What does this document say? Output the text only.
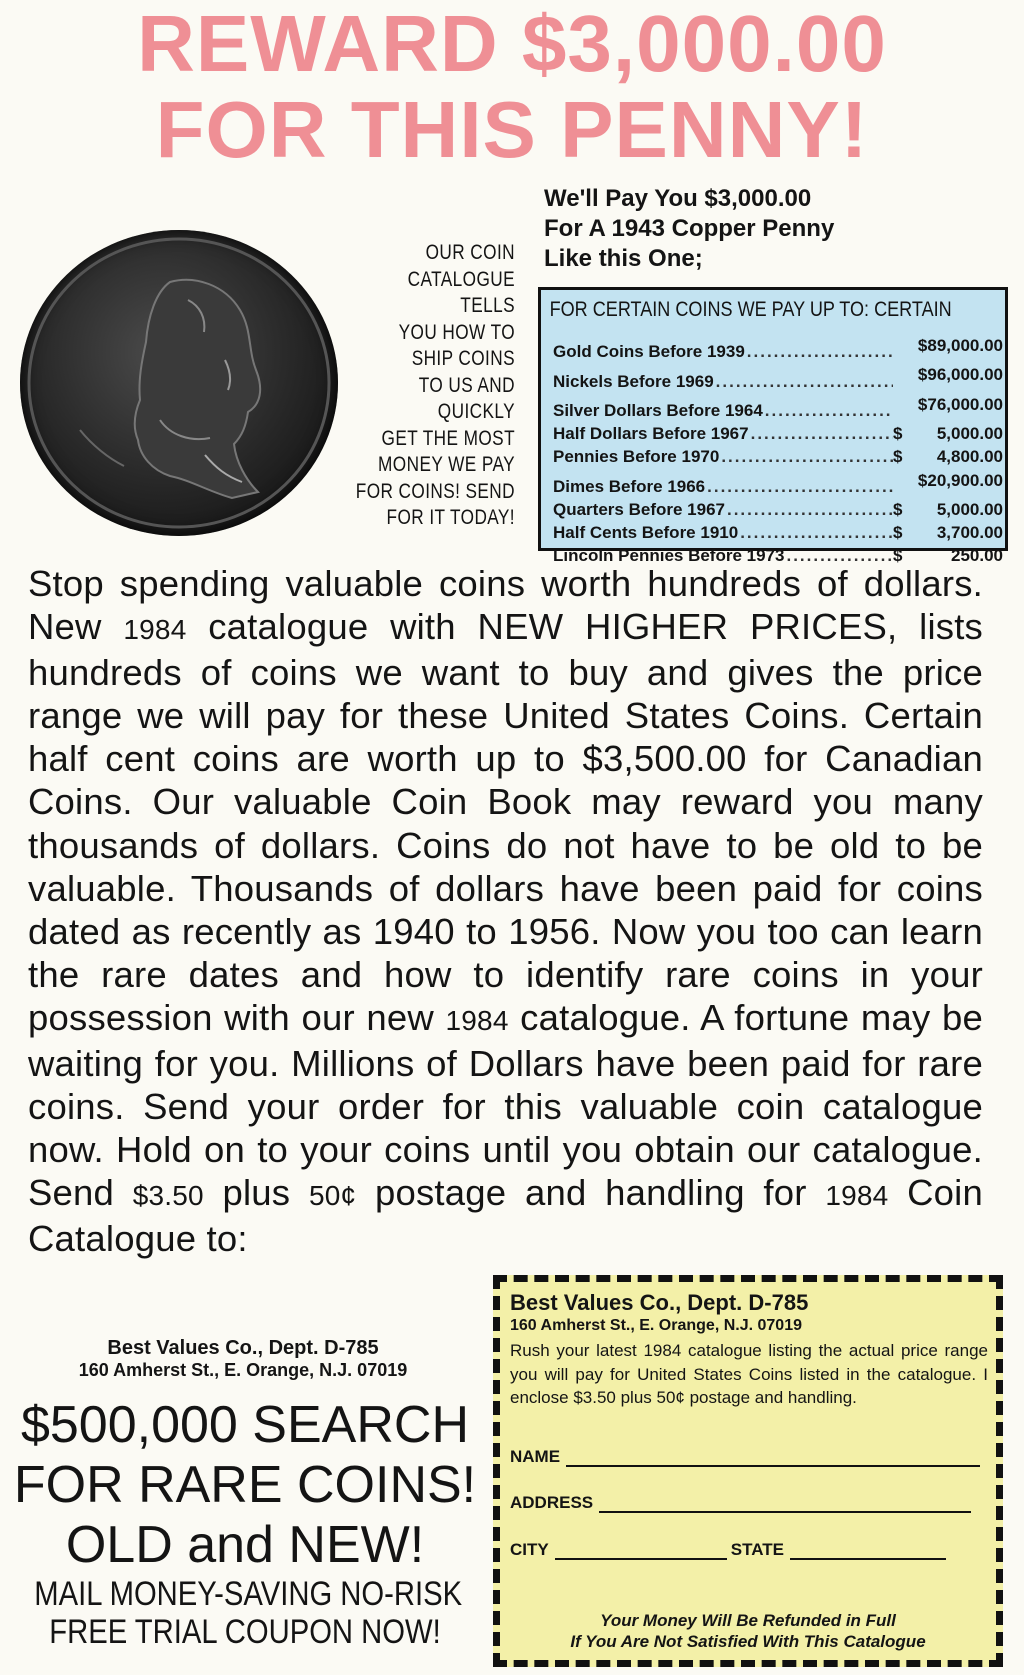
REWARD $3,000.00
FOR THIS PENNY!
OUR COIN
CATALOGUE TELLS
YOU HOW TO
SHIP COINS
TO US AND
QUICKLY
GET THE MOST
MONEY WE PAY
FOR COINS! SEND
FOR IT TODAY!
We'll Pay You $3,000.00
For A 1943 Copper Penny
Like this One;
FOR CERTAIN COINS WE PAY UP TO: CERTAIN
Gold Coins Before 1939 .....	$89,000.00
Nickels Before 1969 .....	$96,000.00
Silver Dollars Before 1964 .....	$76,000.00
Half Dollars Before 1967 .....	$ 5,000.00
Pennies Before 1970 .....	$ 4,800.00
Dimes Before 1966 .....	$20,900.00
Quarters Before 1967 .....	$ 5,000.00
Half Cents Before 1910 .....	$ 3,700.00
Lincoln Pennies Before 1973 .....	$	250.00
Stop spending valuable coins worth hundreds of dollars. New 1984 catalogue with NEW HIGHER PRICES, lists hundreds of coins we want to buy and gives the price range we will pay for these United States Coins. Certain half cent coins are worth up to $3,500.00 for Canadian Coins. Our valuable Coin Book may reward you many thousands of dollars. Coins do not have to be old to be valuable. Thousands of dollars have been paid for coins dated as recently as 1940 to 1956. Now you too can learn the rare dates and how to identify rare coins in your possession with our new 1984 catalogue. A fortune may be waiting for you. Millions of Dollars have been paid for rare coins. Send your order for this valuable coin catalogue now. Hold on to your coins until you obtain our catalogue. Send $3.50 plus 50¢ postage and handling for 1984 Coin Catalogue to:
Best Values Co., Dept. D-785
160 Amherst St., E. Orange, N.J. 07019
$500,000 SEARCH
FOR RARE COINS!
OLD and NEW!
MAIL MONEY-SAVING NO-RISK
FREE TRIAL COUPON NOW!
Best Values Co., Dept. D-785
160 Amherst St., E. Orange, N.J. 07019
Rush your latest 1984 catalogue listing the actual price range you will pay for United States Coins listed in the catalogue. I enclose $3.50 plus 50¢ postage and handling.
NAME
ADDRESS
CITY	STATE
Your Money Will Be Refunded in Full
If You Are Not Satisfied With This Catalogue
